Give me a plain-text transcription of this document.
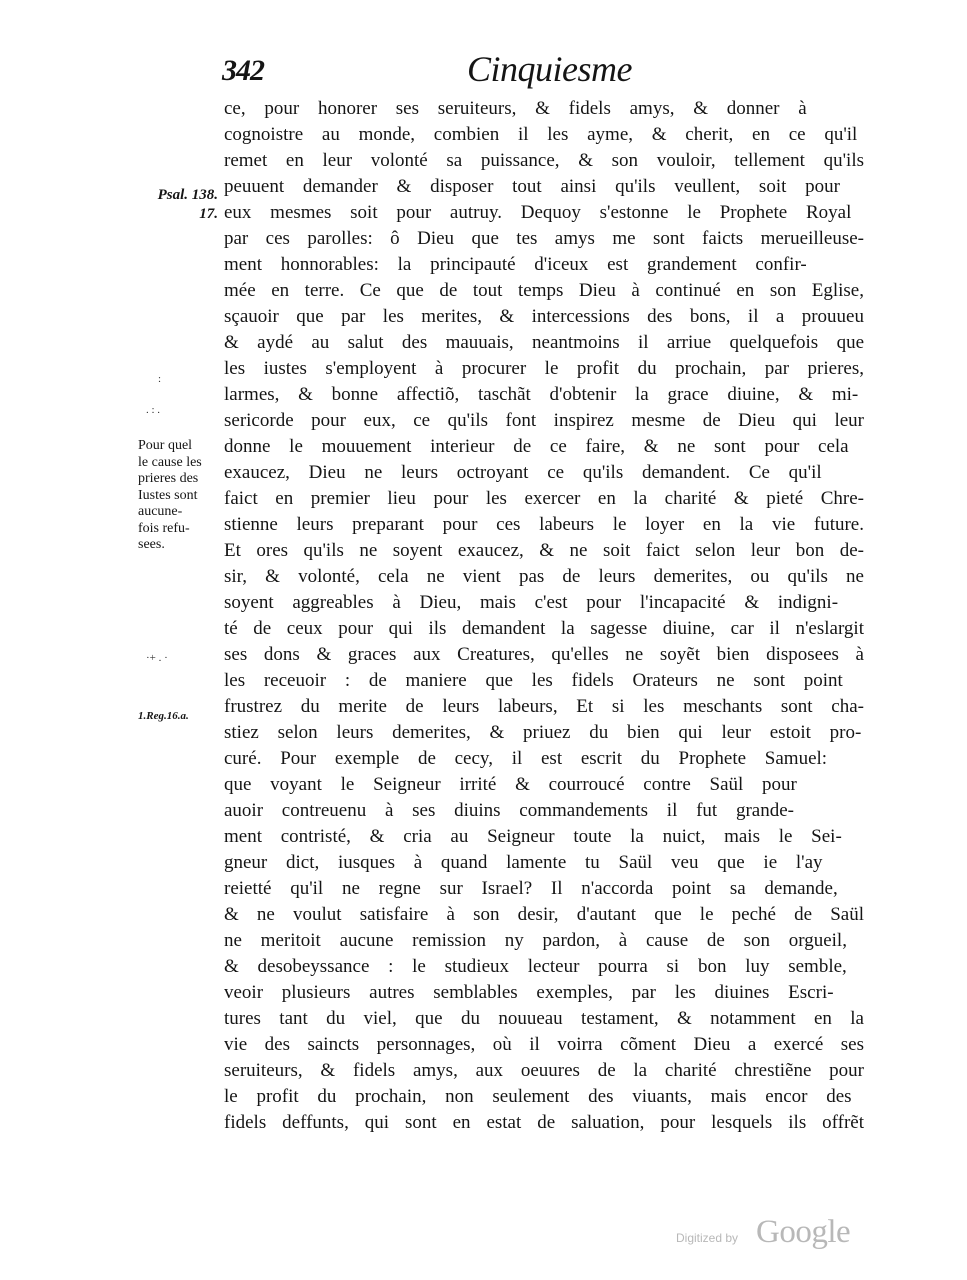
342	Cinquiesme
Psal. 138.
17.
:
. : .
Pour quel
le cause les
prieres des
Iustes sont
aucune-
fois refu-
sees.
·+ . ·
1.Reg.16.a.
ce, pour honorer ses seruiteurs, & fidels amys, & donner à
cognoistre au monde, combien il les ayme, & cherit, en ce qu'il
remet en leur volonté sa puissance, & son vouloir, tellement qu'ils
peuuent demander & disposer tout ainsi qu'ils veullent, soit pour
eux mesmes soit pour autruy. Dequoy s'estonne le Prophete Royal
par ces parolles: ô Dieu que tes amys me sont faicts merueilleuse-
ment honnorables: la principauté d'iceux est grandement confir-
mée en terre. Ce que de tout temps Dieu à continué en son Eglise,
sçauoir que par les merites, & intercessions des bons, il a prouueu
& aydé au salut des mauuais, neantmoins il arriue quelquefois que
les iustes s'employent à procurer le profit du prochain, par prieres,
larmes, & bonne affectiõ, taschãt d'obtenir la grace diuine, & mi-
sericorde pour eux, ce qu'ils font inspirez mesme de Dieu qui leur
donne le mouuement interieur de ce faire, & ne sont pour cela
exaucez, Dieu ne leurs octroyant ce qu'ils demandent. Ce qu'il
faict en premier lieu pour les exercer en la charité & pieté Chre-
stienne leurs preparant pour ces labeurs le loyer en la vie future.
Et ores qu'ils ne soyent exaucez, & ne soit faict selon leur bon de-
sir, & volonté, cela ne vient pas de leurs demerites, ou qu'ils ne
soyent aggreables à Dieu, mais c'est pour l'incapacité & indigni-
té de ceux pour qui ils demandent la sagesse diuine, car il n'eslargit
ses dons & graces aux Creatures, qu'elles ne soyẽt bien disposees à
les receuoir : de maniere que les fidels Orateurs ne sont point
frustrez du merite de leurs labeurs, Et si les meschants sont cha-
stiez selon leurs demerites, & priuez du bien qui leur estoit pro-
curé. Pour exemple de cecy, il est escrit du Prophete Samuel:
que voyant le Seigneur irrité & courroucé contre Saül pour
auoir contreuenu à ses diuins commandements il fut grande-
ment contristé, & cria au Seigneur toute la nuict, mais le Sei-
gneur dict, iusques à quand lamente tu Saül veu que ie l'ay
reietté qu'il ne regne sur Israel? Il n'accorda point sa demande,
& ne voulut satisfaire à son desir, d'autant que le peché de Saül
ne meritoit aucune remission ny pardon, à cause de son orgueil,
& desobeyssance : le studieux lecteur pourra si bon luy semble,
veoir plusieurs autres semblables exemples, par les diuines Escri-
tures tant du viel, que du nouueau testament, & notamment en la
vie des saincts personnages, où il voirra cõment Dieu a exercé ses
seruiteurs, & fidels amys, aux oeuures de la charité chrestiẽne pour
le profit du prochain, non seulement des viuants, mais encor des
fidels deffunts, qui sont en estat de saluation, pour lesquels ils offrẽt
Digitized by Google
